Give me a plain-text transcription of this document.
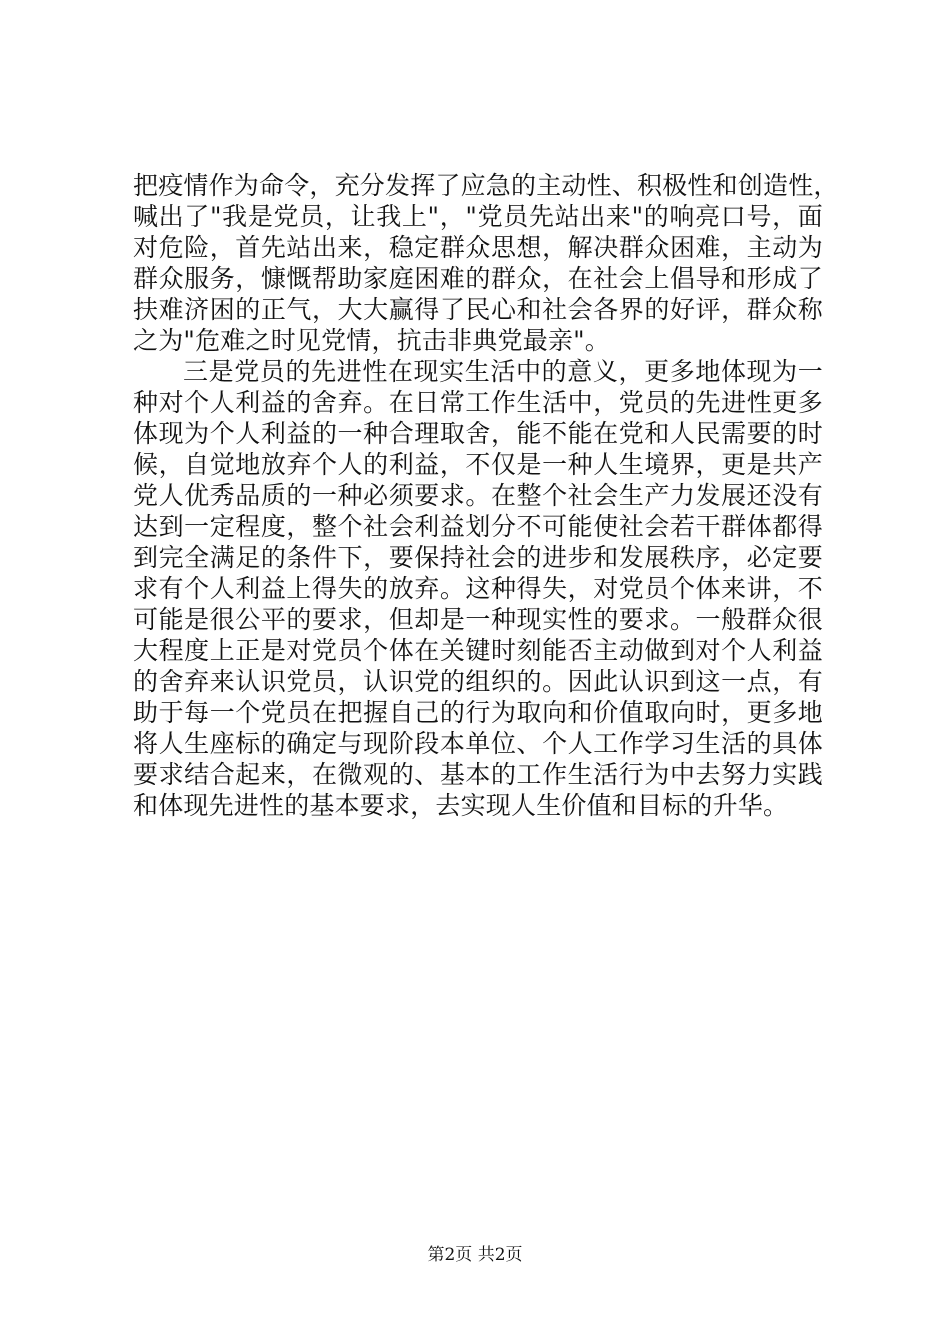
把疫情作为命令，充分发挥了应急的主动性、积极性和创造性，
喊出了"我是党员，让我上"，"党员先站出来"的响亮口号，面
对危险，首先站出来，稳定群众思想，解决群众困难，主动为
群众服务，慷慨帮助家庭困难的群众，在社会上倡导和形成了
扶难济困的正气，大大赢得了民心和社会各界的好评，群众称
之为"危难之时见党情，抗击非典党最亲"。
三是党员的先进性在现实生活中的意义，更多地体现为一
种对个人利益的舍弃。在日常工作生活中，党员的先进性更多
体现为个人利益的一种合理取舍，能不能在党和人民需要的时
候，自觉地放弃个人的利益，不仅是一种人生境界，更是共产
党人优秀品质的一种必须要求。在整个社会生产力发展还没有
达到一定程度，整个社会利益划分不可能使社会若干群体都得
到完全满足的条件下，要保持社会的进步和发展秩序，必定要
求有个人利益上得失的放弃。这种得失，对党员个体来讲，不
可能是很公平的要求，但却是一种现实性的要求。一般群众很
大程度上正是对党员个体在关键时刻能否主动做到对个人利益
的舍弃来认识党员，认识党的组织的。因此认识到这一点，有
助于每一个党员在把握自己的行为取向和价值取向时，更多地
将人生座标的确定与现阶段本单位、个人工作学习生活的具体
要求结合起来，在微观的、基本的工作生活行为中去努力实践
和体现先进性的基本要求，去实现人生价值和目标的升华。
第2页 共2页
